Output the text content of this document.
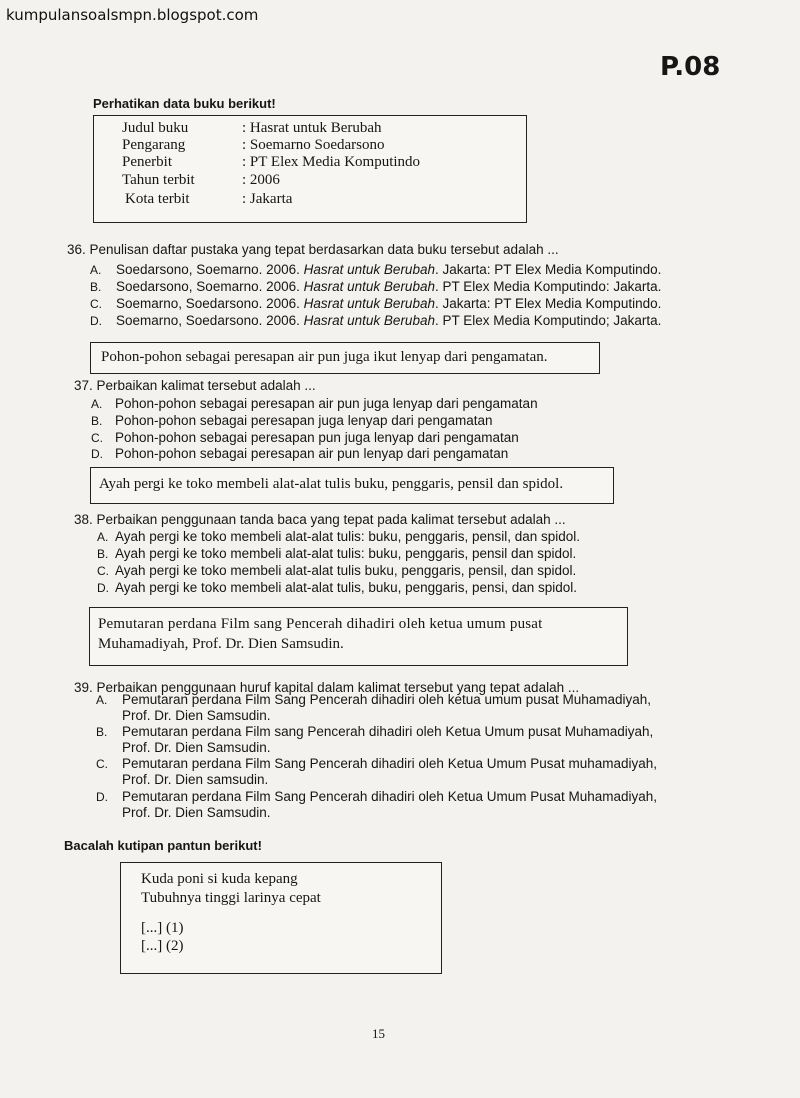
kumpulansoalsmpn.blogspot.com
P.08
Perhatikan data buku berikut!
Judul buku	: Hasrat untuk Berubah
Pengarang	: Soemarno Soedarsono
Penerbit	: PT Elex Media Komputindo
Tahun terbit	: 2006
Kota terbit	: Jakarta
36. Penulisan daftar pustaka yang tepat berdasarkan data buku tersebut adalah ...
A. Soedarsono, Soemarno. 2006. Hasrat untuk Berubah. Jakarta: PT Elex Media Komputindo.
B. Soedarsono, Soemarno. 2006. Hasrat untuk Berubah. PT Elex Media Komputindo: Jakarta.
C. Soemarno, Soedarsono. 2006. Hasrat untuk Berubah. Jakarta: PT Elex Media Komputindo.
D. Soemarno, Soedarsono. 2006. Hasrat untuk Berubah. PT Elex Media Komputindo; Jakarta.
Pohon-pohon sebagai peresapan air pun juga ikut lenyap dari pengamatan.
37. Perbaikan kalimat tersebut adalah ...
A. Pohon-pohon sebagai peresapan air pun juga lenyap dari pengamatan
B. Pohon-pohon sebagai peresapan juga lenyap dari pengamatan
C. Pohon-pohon sebagai peresapan pun juga lenyap dari pengamatan
D. Pohon-pohon sebagai peresapan air pun lenyap dari pengamatan
Ayah pergi ke toko membeli alat-alat tulis buku, penggaris, pensil dan spidol.
38. Perbaikan penggunaan tanda baca yang tepat pada kalimat tersebut adalah ...
A. Ayah pergi ke toko membeli alat-alat tulis: buku, penggaris, pensil, dan spidol.
B. Ayah pergi ke toko membeli alat-alat tulis: buku, penggaris, pensil dan spidol.
C. Ayah pergi ke toko membeli alat-alat tulis buku, penggaris, pensil, dan spidol.
D. Ayah pergi ke toko membeli alat-alat tulis, buku, penggaris, pensi, dan spidol.
Pemutaran perdana Film sang Pencerah dihadiri oleh ketua umum pusat
Muhamadiyah, Prof. Dr. Dien Samsudin.
39. Perbaikan penggunaan huruf kapital dalam kalimat tersebut yang tepat adalah ...
A. Pemutaran perdana Film Sang Pencerah dihadiri oleh ketua umum pusat Muhamadiyah,
Prof. Dr. Dien Samsudin.
B. Pemutaran perdana Film sang Pencerah dihadiri oleh Ketua Umum pusat Muhamadiyah,
Prof. Dr. Dien Samsudin.
C. Pemutaran perdana Film Sang Pencerah dihadiri oleh Ketua Umum Pusat muhamadiyah,
Prof. Dr. Dien samsudin.
D. Pemutaran perdana Film Sang Pencerah dihadiri oleh Ketua Umum Pusat Muhamadiyah,
Prof. Dr. Dien Samsudin.
Bacalah kutipan pantun berikut!
Kuda poni si kuda kepang
Tubuhnya tinggi larinya cepat
[...] (1)
[...] (2)
15
